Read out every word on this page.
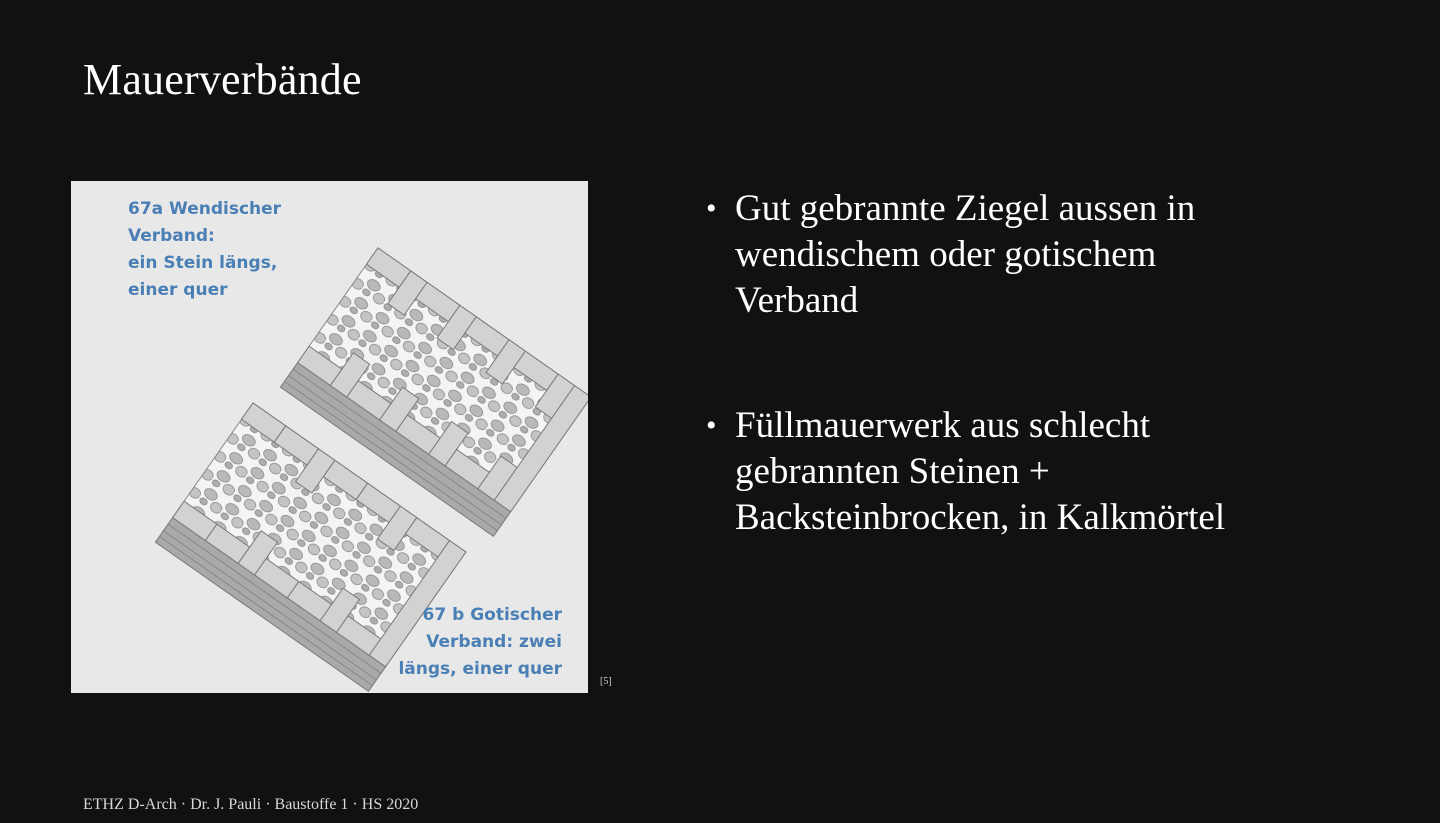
Mauerverbände
67a Wendischer
Verband:
ein Stein längs,
einer quer
67 b Gotischer
Verband: zwei
längs, einer quer
[5]
• Gut gebrannte Ziegel aussen in
wendischem oder gotischem
Verband
• Füllmauerwerk aus schlecht
gebrannten Steinen +
Backsteinbrocken, in Kalkmörtel
ETHZ D-Arch · Dr. J. Pauli · Baustoffe 1 · HS 2020
